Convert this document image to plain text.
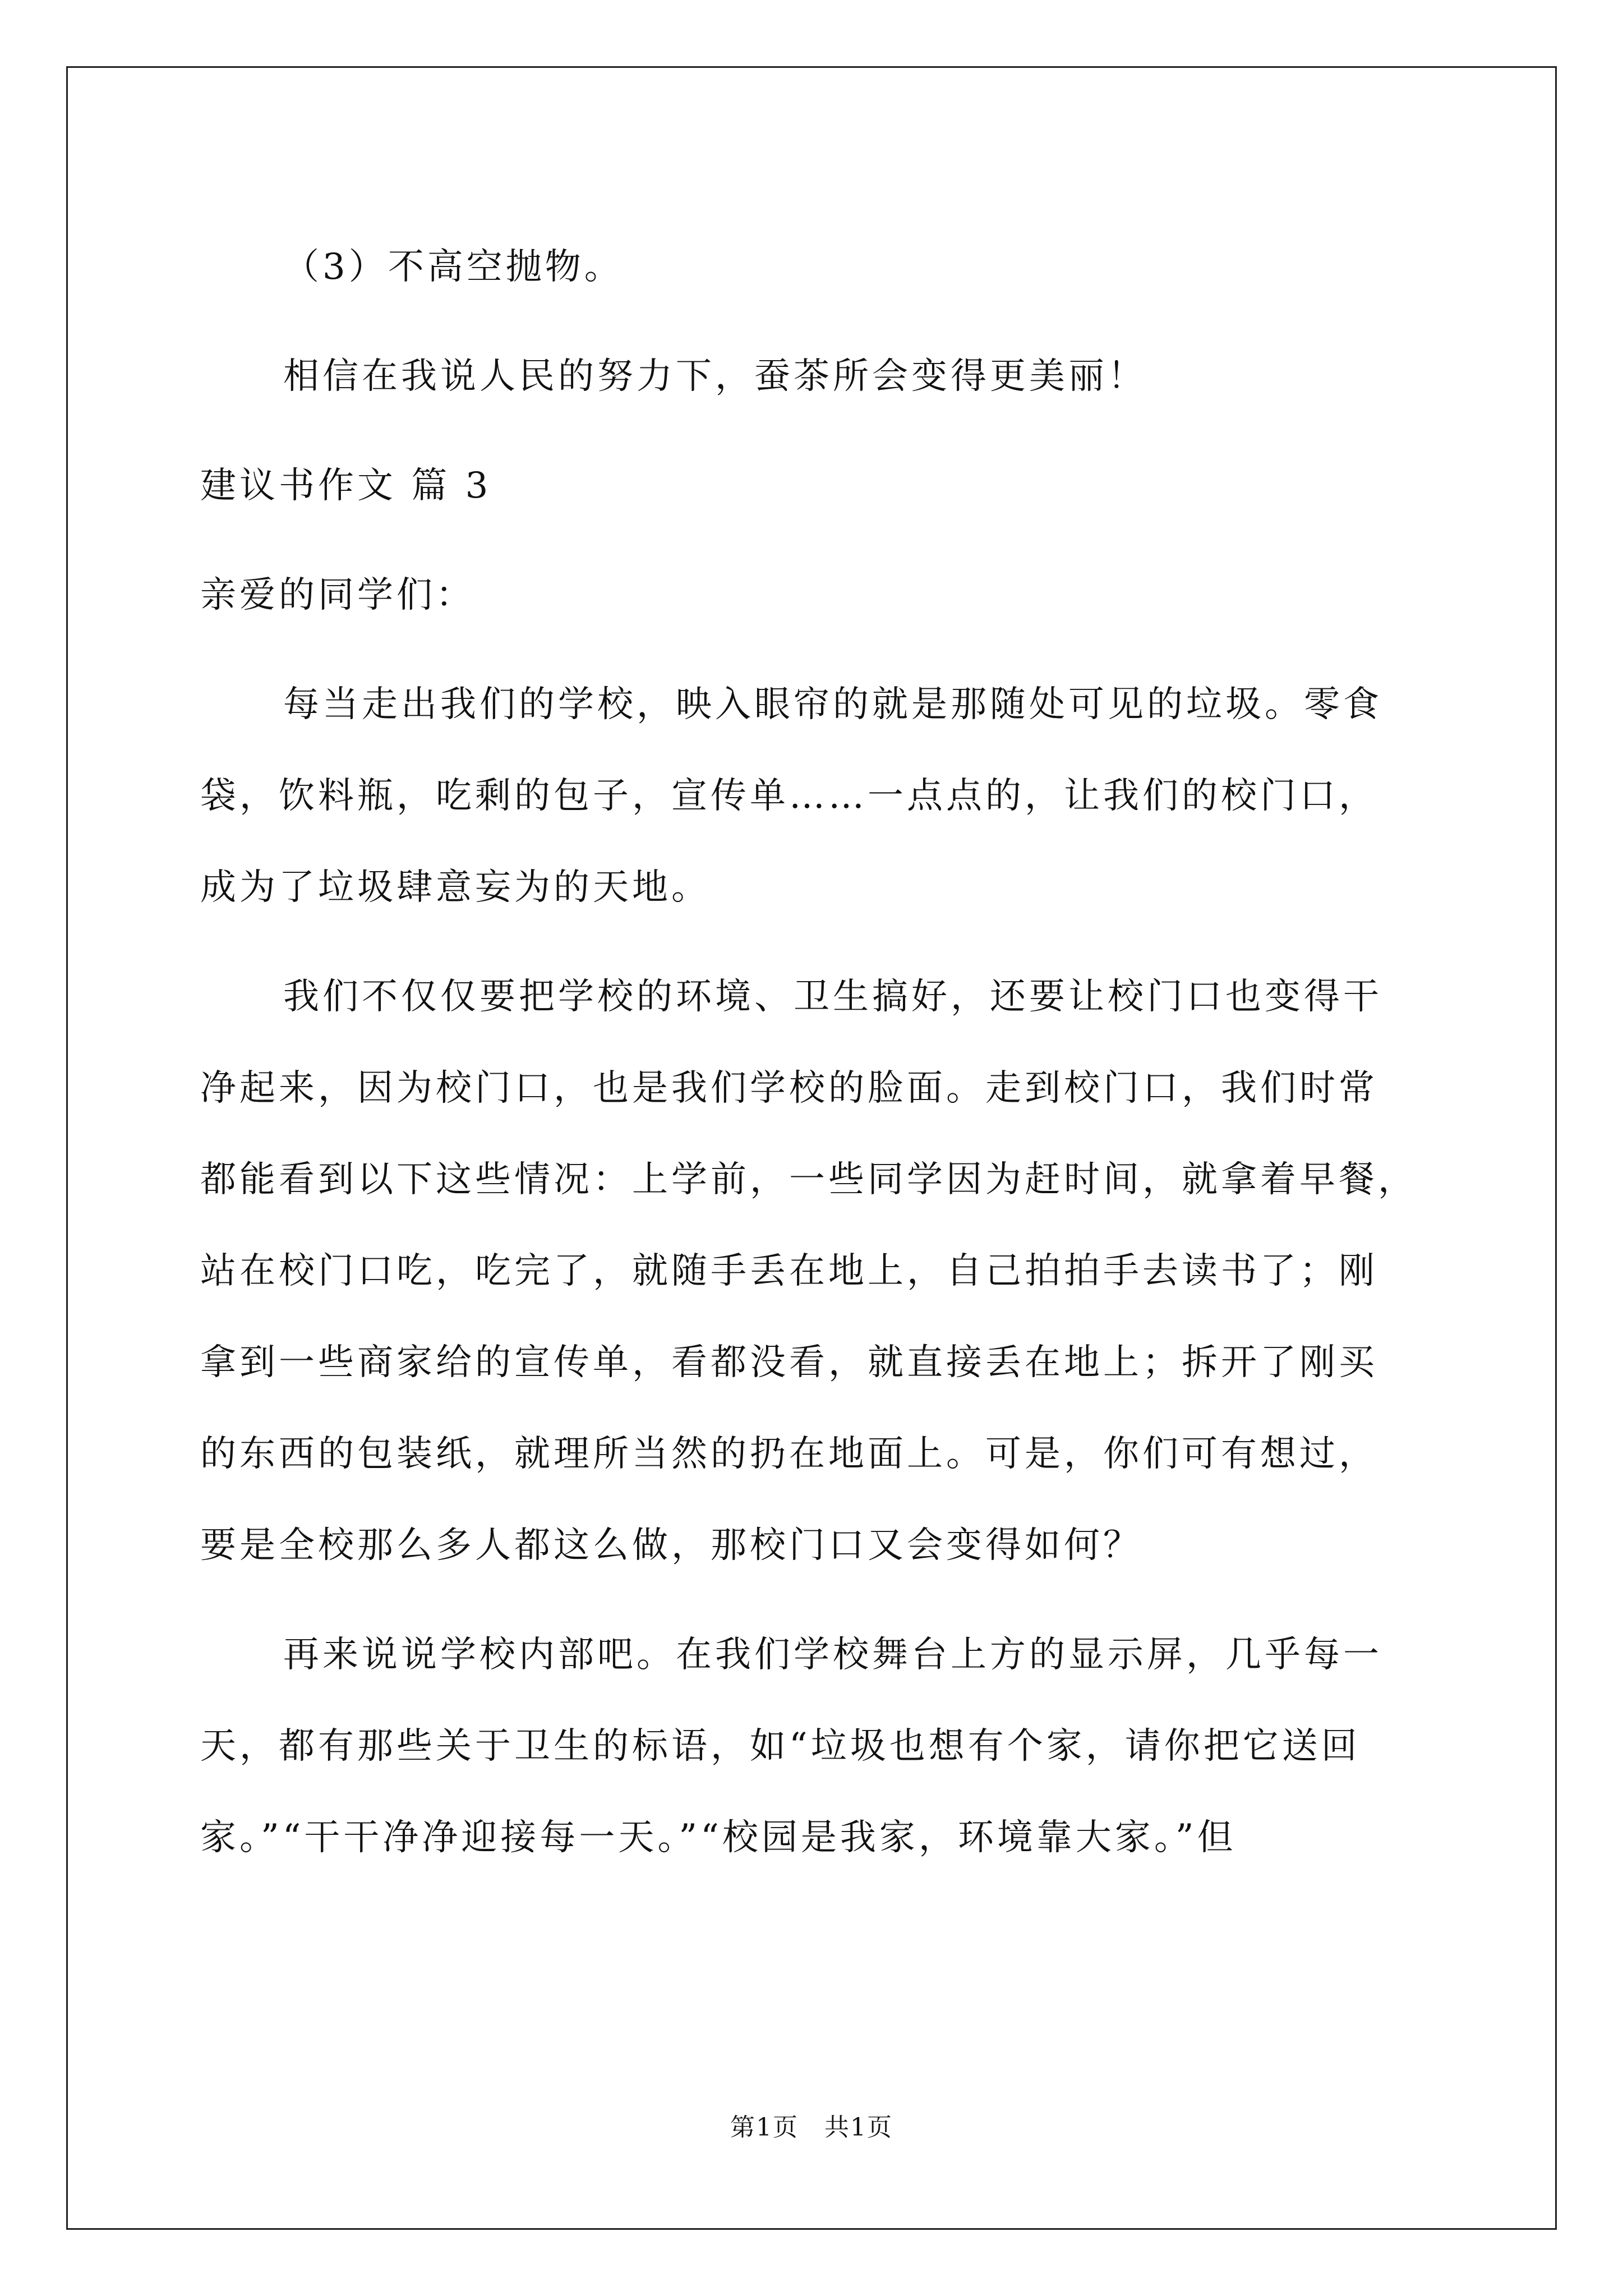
（3）不高空抛物。

相信在我说人民的努力下，蚕茶所会变得更美丽！

建议书作文 篇 3

亲爱的同学们：

每当走出我们的学校，映入眼帘的就是那随处可见的垃圾。零食

袋，饮料瓶，吃剩的包子，宣传单……一点点的，让我们的校门口，

成为了垃圾肆意妄为的天地。

我们不仅仅要把学校的环境、卫生搞好，还要让校门口也变得干

净起来，因为校门口，也是我们学校的脸面。走到校门口，我们时常

都能看到以下这些情况：上学前，一些同学因为赶时间，就拿着早餐，

站在校门口吃，吃完了，就随手丢在地上，自己拍拍手去读书了；刚

拿到一些商家给的宣传单，看都没看，就直接丢在地上；拆开了刚买

的东西的包装纸，就理所当然的扔在地面上。可是，你们可有想过，

要是全校那么多人都这么做，那校门口又会变得如何？

再来说说学校内部吧。在我们学校舞台上方的显示屏，几乎每一

天，都有那些关于卫生的标语，如“垃圾也想有个家，请你把它送回

家。”“干干净净迎接每一天。”“校园是我家，环境靠大家。”但

第1页　共1页
